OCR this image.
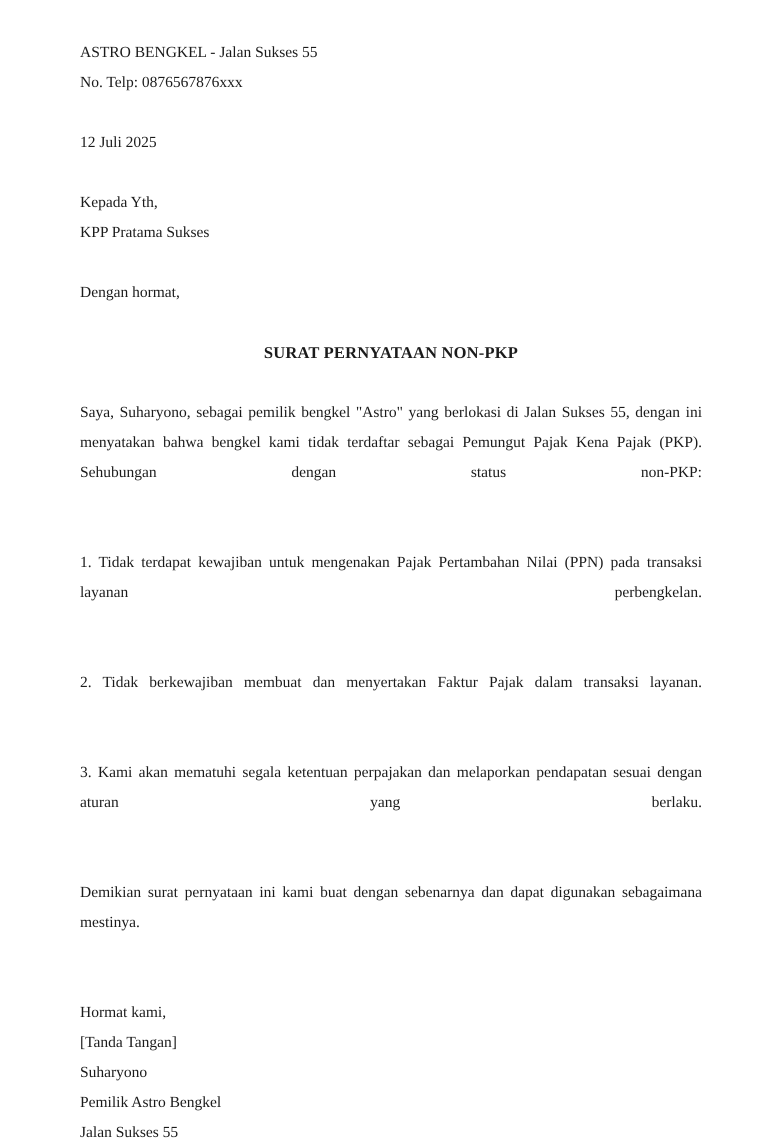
ASTRO BENGKEL - Jalan Sukses 55
No. Telp: 0876567876xxx
12 Juli 2025
Kepada Yth,
KPP Pratama Sukses
Dengan hormat,
SURAT PERNYATAAN NON-PKP

Saya, Suharyono, sebagai pemilik bengkel "Astro" yang berlokasi di Jalan Sukses 55, dengan ini menyatakan bahwa bengkel kami tidak terdaftar sebagai Pemungut Pajak Kena Pajak (PKP). Sehubungan dengan status non-PKP:

1. Tidak terdapat kewajiban untuk mengenakan Pajak Pertambahan Nilai (PPN) pada transaksi layanan perbengkelan.

2. Tidak berkewajiban membuat dan menyertakan Faktur Pajak dalam transaksi layanan.

3. Kami akan mematuhi segala ketentuan perpajakan dan melaporkan pendapatan sesuai dengan aturan yang berlaku.

Demikian surat pernyataan ini kami buat dengan sebenarnya dan dapat digunakan sebagaimana mestinya.

Hormat kami,
[Tanda Tangan]
Suharyono
Pemilik Astro Bengkel
Jalan Sukses 55
